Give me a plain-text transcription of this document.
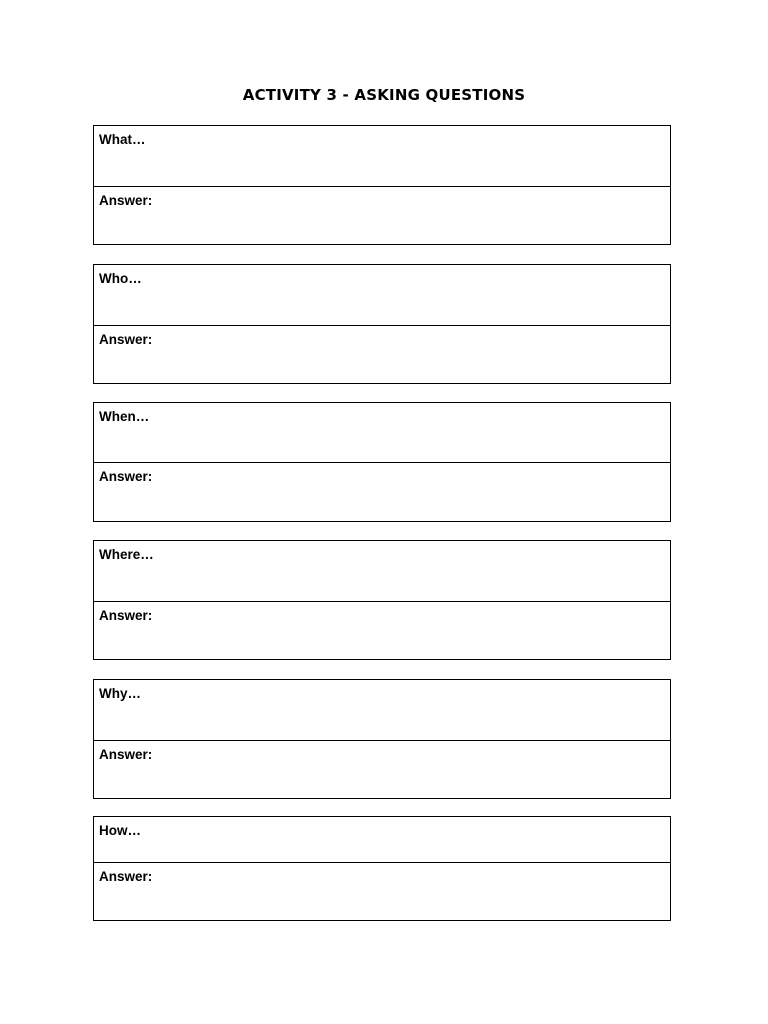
ACTIVITY 3 - ASKING QUESTIONS
What…
Answer:
Who…
Answer:
When…
Answer:
Where…
Answer:
Why…
Answer:
How…
Answer:
